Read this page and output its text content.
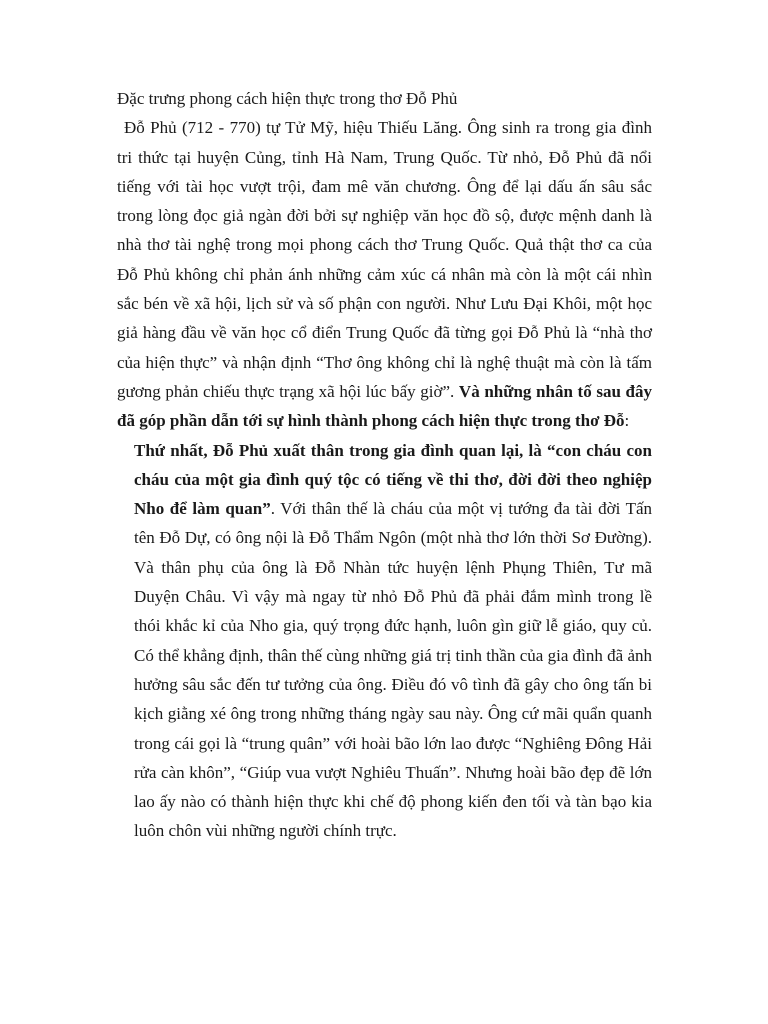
Đặc trưng phong cách hiện thực trong thơ Đỗ Phủ

Đỗ Phủ (712 - 770) tự Tử Mỹ, hiệu Thiếu Lăng. Ông sinh ra trong gia đình tri thức tại huyện Củng, tỉnh Hà Nam, Trung Quốc. Từ nhỏ, Đỗ Phủ đã nổi tiếng với tài học vượt trội, đam mê văn chương. Ông để lại dấu ấn sâu sắc trong lòng đọc giả ngàn đời bởi sự nghiệp văn học đồ sộ, được mệnh danh là nhà thơ tài nghệ trong mọi phong cách thơ Trung Quốc. Quả thật thơ ca của Đỗ Phủ không chỉ phản ánh những cảm xúc cá nhân mà còn là một cái nhìn sắc bén về xã hội, lịch sử và số phận con người. Như Lưu Đại Khôi, một học giả hàng đầu về văn học cổ điển Trung Quốc đã từng gọi Đỗ Phủ là “nhà thơ của hiện thực” và nhận định “Thơ ông không chỉ là nghệ thuật mà còn là tấm gương phản chiếu thực trạng xã hội lúc bấy giờ”. Và những nhân tố sau đây đã góp phần dẫn tới sự hình thành phong cách hiện thực trong thơ Đỗ:

Thứ nhất, Đỗ Phủ xuất thân trong gia đình quan lại, là “con cháu con cháu của một gia đình quý tộc có tiếng về thi thơ, đời đời theo nghiệp Nho để làm quan”. Với thân thế là cháu của một vị tướng đa tài đời Tấn tên Đỗ Dự, có ông nội là Đỗ Thẩm Ngôn (một nhà thơ lớn thời Sơ Đường). Và thân phụ của ông là Đỗ Nhàn tức huyện lệnh Phụng Thiên, Tư mã Duyện Châu. Vì vậy mà ngay từ nhỏ Đỗ Phủ đã phải đắm mình trong lề thói khắc kỉ của Nho gia, quý trọng đức hạnh, luôn gìn giữ lễ giáo, quy củ. Có thể khẳng định, thân thế cùng những giá trị tinh thần của gia đình đã ảnh hưởng sâu sắc đến tư tưởng của ông. Điều đó vô tình đã gây cho ông tấn bi kịch giằng xé ông trong những tháng ngày sau này. Ông cứ mãi quẩn quanh trong cái gọi là “trung quân” với hoài bão lớn lao được “Nghiêng Đông Hải rửa càn khôn”, “Giúp vua vượt Nghiêu Thuấn”. Nhưng hoài bão đẹp đẽ lớn lao ấy nào có thành hiện thực khi chế độ phong kiến đen tối và tàn bạo kia luôn chôn vùi những người chính trực.
